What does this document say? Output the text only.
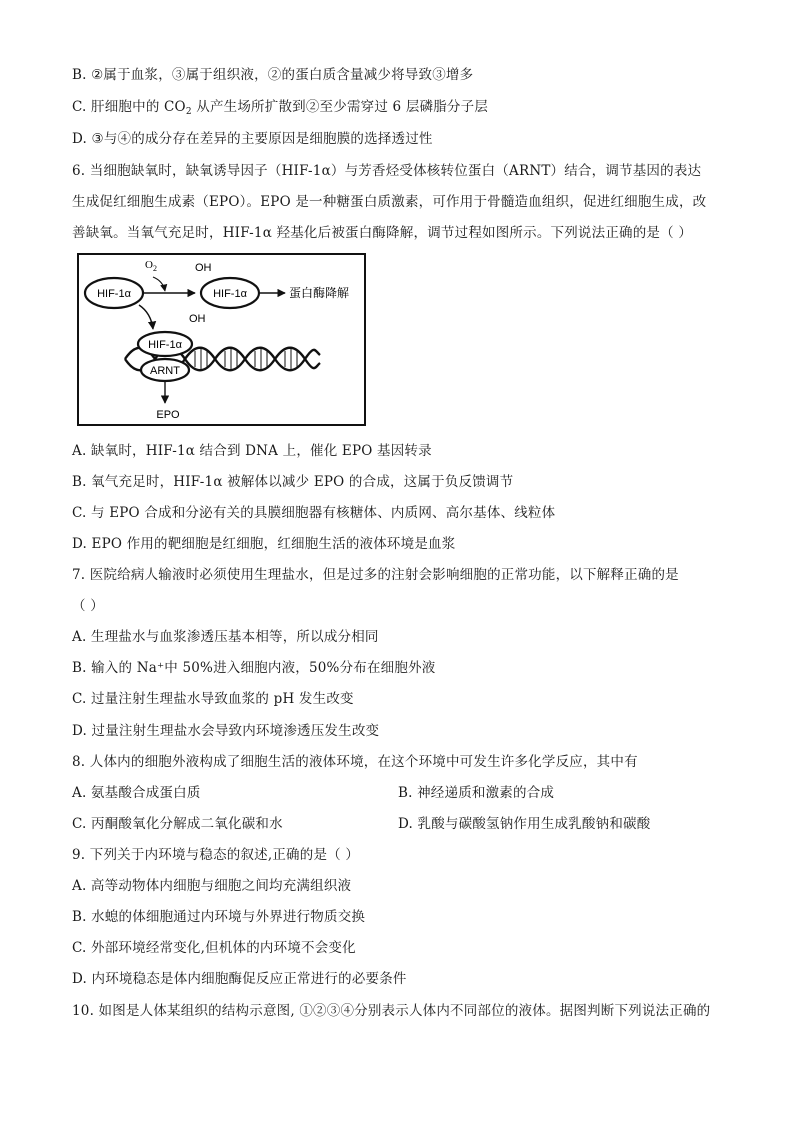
B. ②属于血浆，③属于组织液，②的蛋白质含量减少将导致③增多
C. 肝细胞中的 $CO_2$ 从产生场所扩散到②至少需穿过 6 层磷脂分子层
D. ③与④的成分存在差异的主要原因是细胞膜的选择透过性
6. 当细胞缺氧时，缺氧诱导因子（HIF-1α）与芳香烃受体核转位蛋白（ARNT）结合，调节基因的表达
生成促红细胞生成素（EPO）。EPO 是一种糖蛋白质激素，可作用于骨髓造血组织，促进红细胞生成，改
善缺氧。当氧气充足时，HIF-1α 羟基化后被蛋白酶降解，调节过程如图所示。下列说法正确的是（ ）
HIF-1α
$O_2$
HIF-1α
OH
OH
蛋白酶降解
HIF-1α
ARNT
EPO
A. 缺氧时，HIF-1α 结合到 DNA 上，催化 EPO 基因转录
B. 氧气充足时，HIF-1α 被解体以减少 EPO 的合成，这属于负反馈调节
C. 与 EPO 合成和分泌有关的具膜细胞器有核糖体、内质网、高尔基体、线粒体
D. EPO 作用的靶细胞是红细胞，红细胞生活的液体环境是血浆
7. 医院给病人输液时必须使用生理盐水，但是过多的注射会影响细胞的正常功能，以下解释正确的是
（ ）
A. 生理盐水与血浆渗透压基本相等，所以成分相同
B. 输入的 Na⁺中 50%进入细胞内液，50%分布在细胞外液
C. 过量注射生理盐水导致血浆的 pH 发生改变
D. 过量注射生理盐水会导致内环境渗透压发生改变
8. 人体内的细胞外液构成了细胞生活的液体环境，在这个环境中可发生许多化学反应，其中有
A. 氨基酸合成蛋白质	B. 神经递质和激素的合成
C. 丙酮酸氧化分解成二氧化碳和水	D. 乳酸与碳酸氢钠作用生成乳酸钠和碳酸
9. 下列关于内环境与稳态的叙述,正确的是（ ）
A. 高等动物体内细胞与细胞之间均充满组织液
B. 水螅的体细胞通过内环境与外界进行物质交换
C. 外部环境经常变化,但机体的内环境不会变化
D. 内环境稳态是体内细胞酶促反应正常进行的必要条件
10. 如图是人体某组织的结构示意图, ①②③④分别表示人体内不同部位的液体。据图判断下列说法正确的
